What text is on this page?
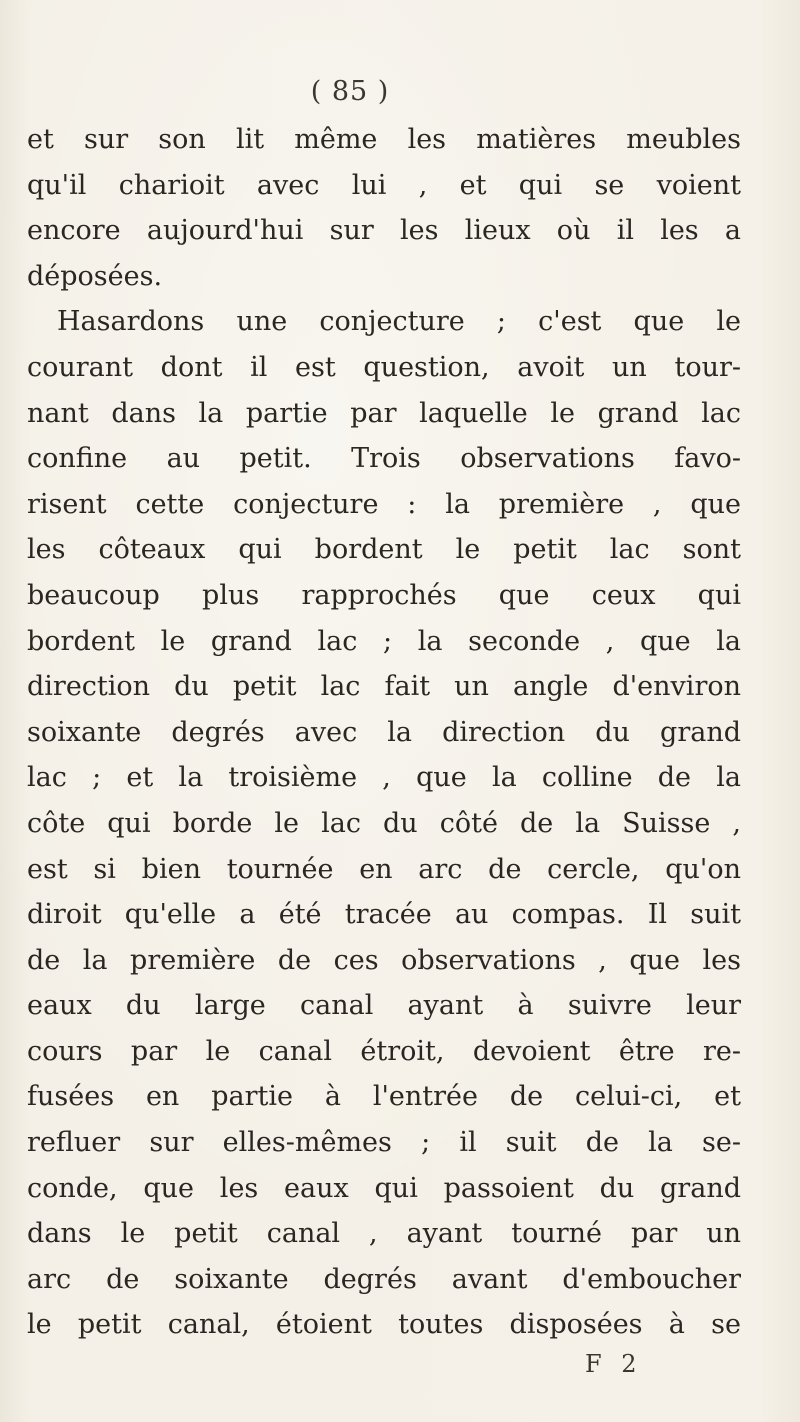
( 85 )
et sur son lit même les matières meubles
qu'il charioit avec lui , et qui se voient
encore aujourd'hui sur les lieux où il les a
déposées.
Hasardons une conjecture ; c'est que le
courant dont il est question, avoit un tour-
nant dans la partie par laquelle le grand lac
confine au petit. Trois observations favo-
risent cette conjecture : la première , que
les côteaux qui bordent le petit lac sont
beaucoup plus rapprochés que ceux qui
bordent le grand lac ; la seconde , que la
direction du petit lac fait un angle d'environ
soixante degrés avec la direction du grand
lac ; et la troisième , que la colline de la
côte qui borde le lac du côté de la Suisse ,
est si bien tournée en arc de cercle, qu'on
diroit qu'elle a été tracée au compas. Il suit
de la première de ces observations , que les
eaux du large canal ayant à suivre leur
cours par le canal étroit, devoient être re-
fusées en partie à l'entrée de celui-ci, et
refluer sur elles-mêmes ; il suit de la se-
conde, que les eaux qui passoient du grand
dans le petit canal , ayant tourné par un
arc de soixante degrés avant d'emboucher
le petit canal, étoient toutes disposées à se
F 2
